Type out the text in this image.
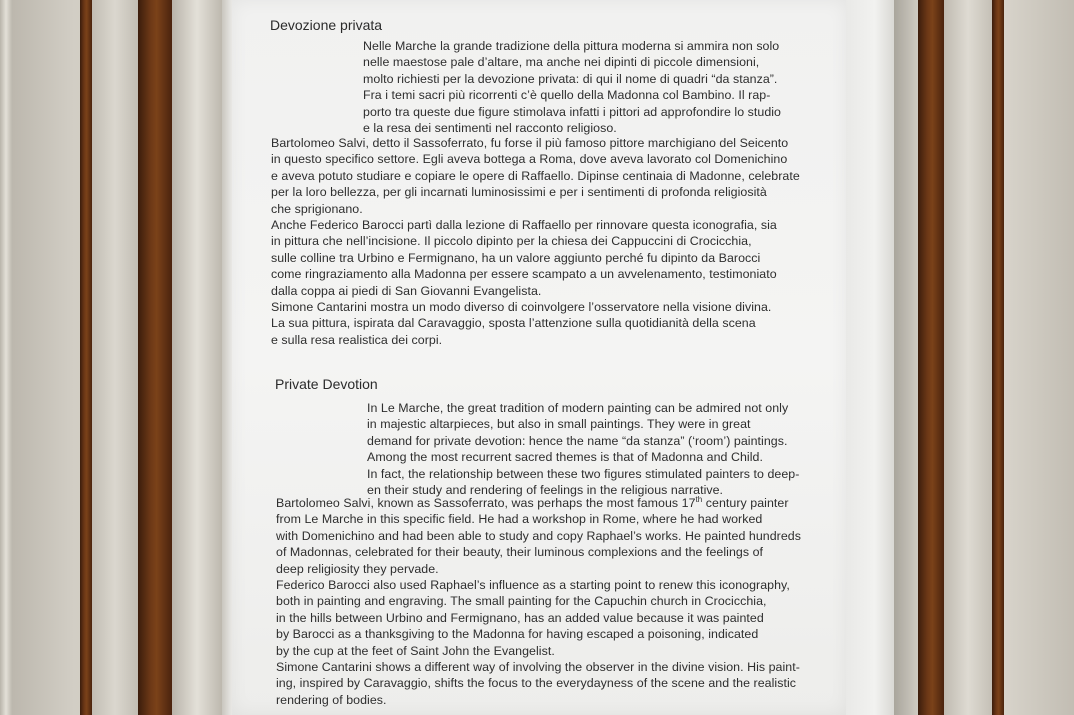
Devozione privata
Nelle Marche la grande tradizione della pittura moderna si ammira non solo
nelle maestose pale d’altare, ma anche nei dipinti di piccole dimensioni,
molto richiesti per la devozione privata: di qui il nome di quadri “da stanza”.
Fra i temi sacri più ricorrenti c’è quello della Madonna col Bambino. Il rap-
porto tra queste due figure stimolava infatti i pittori ad approfondire lo studio
e la resa dei sentimenti nel racconto religioso.
Bartolomeo Salvi, detto il Sassoferrato, fu forse il più famoso pittore marchigiano del Seicento
in questo specifico settore. Egli aveva bottega a Roma, dove aveva lavorato col Domenichino
e aveva potuto studiare e copiare le opere di Raffaello. Dipinse centinaia di Madonne, celebrate
per la loro bellezza, per gli incarnati luminosissimi e per i sentimenti di profonda religiosità
che sprigionano.
Anche Federico Barocci partì dalla lezione di Raffaello per rinnovare questa iconografia, sia
in pittura che nell’incisione. Il piccolo dipinto per la chiesa dei Cappuccini di Crocicchia,
sulle colline tra Urbino e Fermignano, ha un valore aggiunto perché fu dipinto da Barocci
come ringraziamento alla Madonna per essere scampato a un avvelenamento, testimoniato
dalla coppa ai piedi di San Giovanni Evangelista.
Simone Cantarini mostra un modo diverso di coinvolgere l’osservatore nella visione divina.
La sua pittura, ispirata dal Caravaggio, sposta l’attenzione sulla quotidianità della scena
e sulla resa realistica dei corpi.
Private Devotion
In Le Marche, the great tradition of modern painting can be admired not only
in majestic altarpieces, but also in small paintings. They were in great
demand for private devotion: hence the name “da stanza” (‘room’) paintings.
Among the most recurrent sacred themes is that of Madonna and Child.
In fact, the relationship between these two figures stimulated painters to deep-
en their study and rendering of feelings in the religious narrative.
Bartolomeo Salvi, known as Sassoferrato, was perhaps the most famous 17th century painter
from Le Marche in this specific field. He had a workshop in Rome, where he had worked
with Domenichino and had been able to study and copy Raphael’s works. He painted hundreds
of Madonnas, celebrated for their beauty, their luminous complexions and the feelings of
deep religiosity they pervade.
Federico Barocci also used Raphael’s influence as a starting point to renew this iconography,
both in painting and engraving. The small painting for the Capuchin church in Crocicchia,
in the hills between Urbino and Fermignano, has an added value because it was painted
by Barocci as a thanksgiving to the Madonna for having escaped a poisoning, indicated
by the cup at the feet of Saint John the Evangelist.
Simone Cantarini shows a different way of involving the observer in the divine vision. His paint-
ing, inspired by Caravaggio, shifts the focus to the everydayness of the scene and the realistic
rendering of bodies.
